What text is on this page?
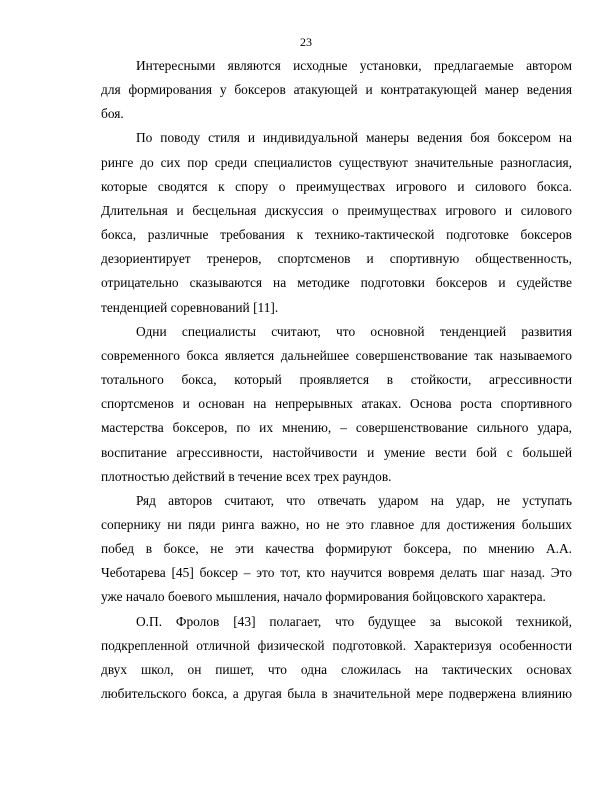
23

Интересными являются исходные установки, предлагаемые автором
для формирования у боксеров атакующей и контратакующей манер ведения
боя.

По поводу стиля и индивидуальной манеры ведения боя боксером на
ринге до сих пор среди специалистов существуют значительные разногласия,
которые сводятся к спору о преимуществах игрового и силового бокса.
Длительная и бесцельная дискуссия о преимуществах игрового и силового
бокса, различные требования к технико-тактической подготовке боксеров
дезориентирует тренеров, спортсменов и спортивную общественность,
отрицательно сказываются на методике подготовки боксеров и судействе
тенденцией соревнований [11].

Одни специалисты считают, что основной тенденцией развития
современного бокса является дальнейшее совершенствование так называемого
тотального бокса, который проявляется в стойкости, агрессивности
спортсменов и основан на непрерывных атаках. Основа роста спортивного
мастерства боксеров, по их мнению, – совершенствование сильного удара,
воспитание агрессивности, настойчивости и умение вести бой с большей
плотностью действий в течение всех трех раундов.

Ряд авторов считают, что отвечать ударом на удар, не уступать
сопернику ни пяди ринга важно, но не это главное для достижения больших
побед в боксе, не эти качества формируют боксера, по мнению А.А.
Чеботарева [45] боксер – это тот, кто научится вовремя делать шаг назад. Это
уже начало боевого мышления, начало формирования бойцовского характера.

О.П. Фролов [43] полагает, что будущее за высокой техникой,
подкрепленной отличной физической подготовкой. Характеризуя особенности
двух школ, он пишет, что одна сложилась на тактических основах
любительского бокса, а другая была в значительной мере подвержена влиянию
